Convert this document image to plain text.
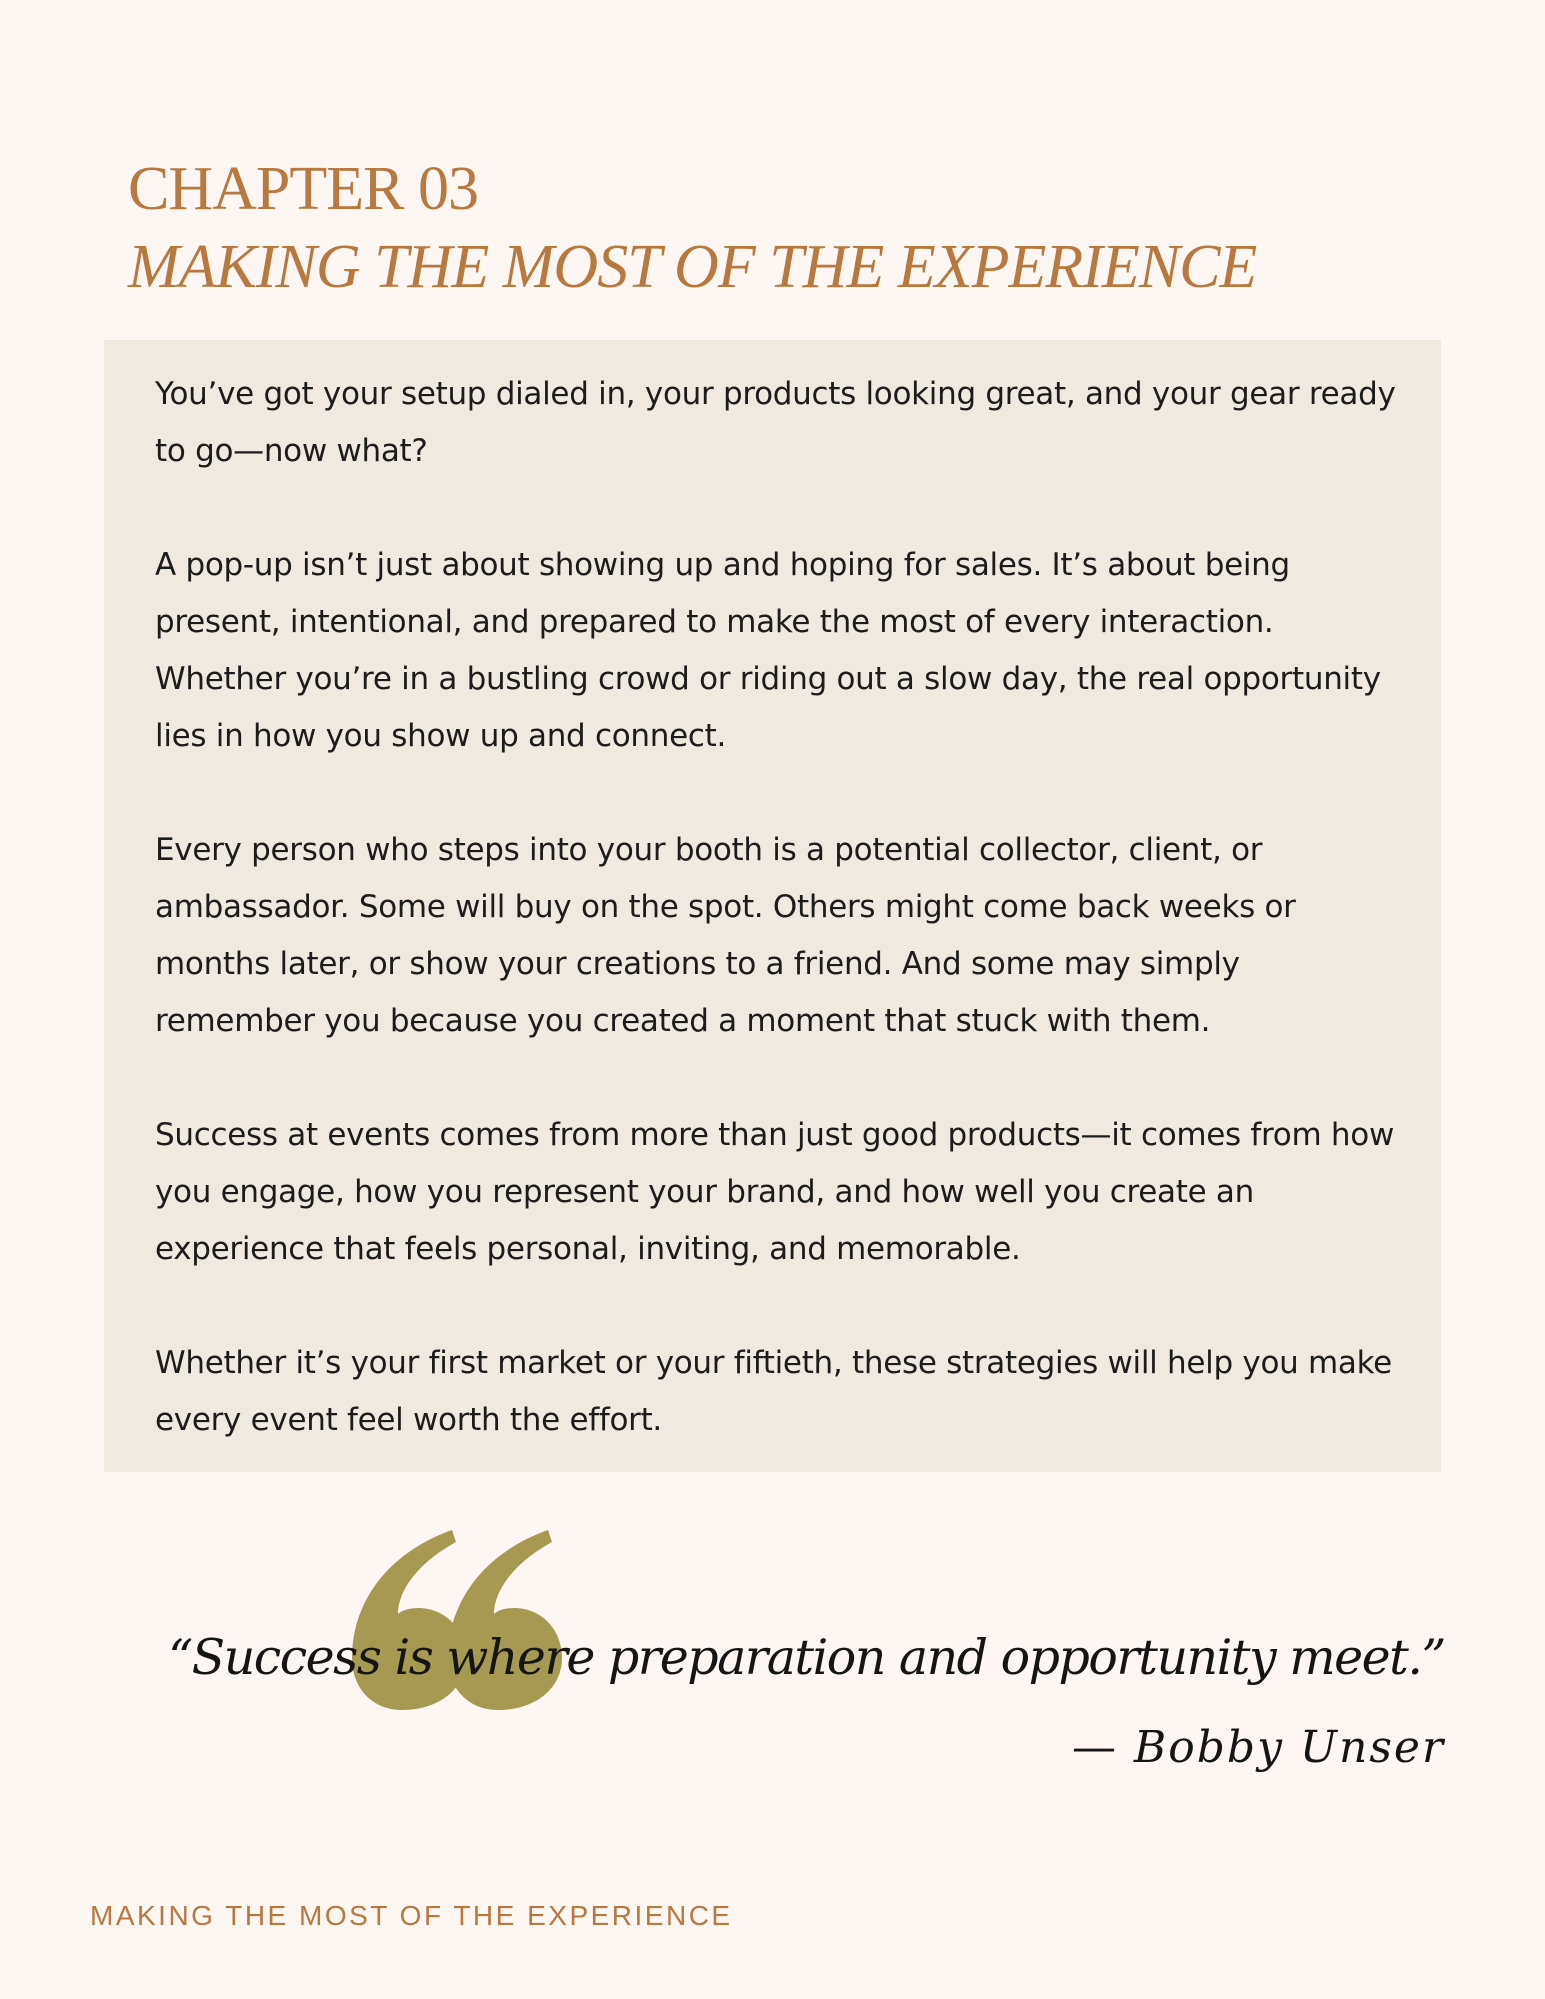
CHAPTER 03
MAKING THE MOST OF THE EXPERIENCE

You’ve got your setup dialed in, your products looking great, and your gear ready to go—now what?

A pop-up isn’t just about showing up and hoping for sales. It’s about being present, intentional, and prepared to make the most of every interaction. Whether you’re in a bustling crowd or riding out a slow day, the real opportunity lies in how you show up and connect.

Every person who steps into your booth is a potential collector, client, or ambassador. Some will buy on the spot. Others might come back weeks or months later, or show your creations to a friend. And some may simply remember you because you created a moment that stuck with them.

Success at events comes from more than just good products—it comes from how you engage, how you represent your brand, and how well you create an experience that feels personal, inviting, and memorable.

Whether it’s your first market or your fiftieth, these strategies will help you make every event feel worth the effort.

“Success is where preparation and opportunity meet.”

— Bobby Unser

MAKING THE MOST OF THE EXPERIENCE
